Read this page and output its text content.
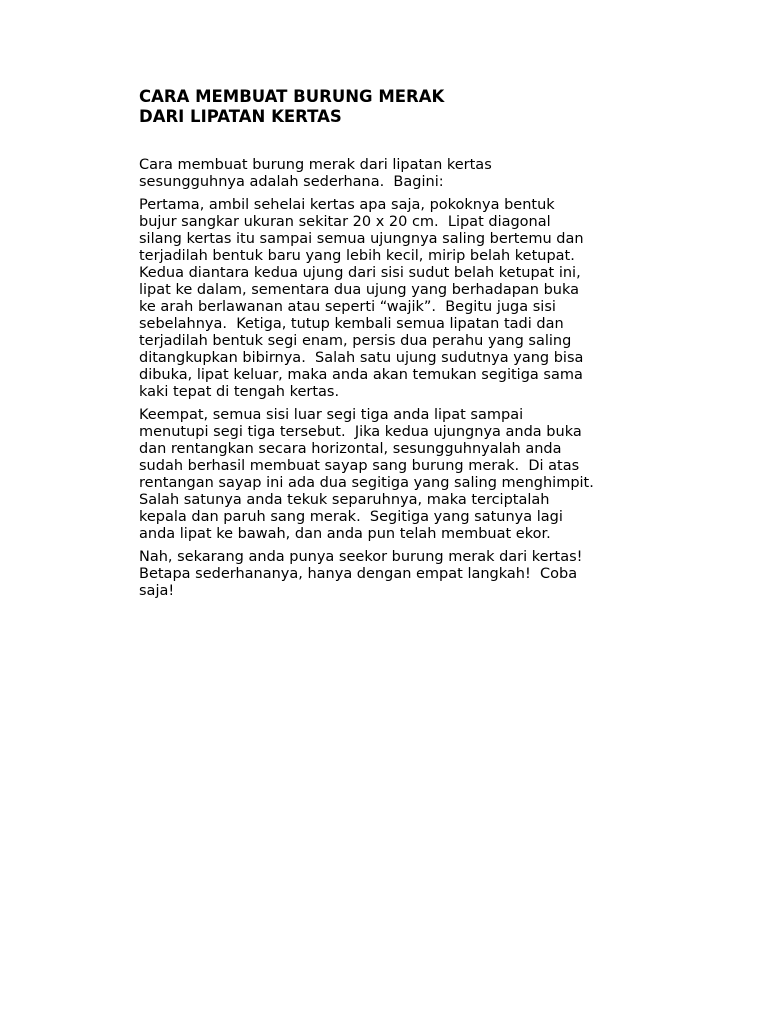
CARA MEMBUAT BURUNG MERAK
DARI LIPATAN KERTAS
Cara membuat burung merak dari lipatan kertas
sesungguhnya adalah sederhana.  Bagini:
Pertama, ambil sehelai kertas apa saja, pokoknya bentuk
bujur sangkar ukuran sekitar 20 x 20 cm.  Lipat diagonal
silang kertas itu sampai semua ujungnya saling bertemu dan
terjadilah bentuk baru yang lebih kecil, mirip belah ketupat.
Kedua diantara kedua ujung dari sisi sudut belah ketupat ini,
lipat ke dalam, sementara dua ujung yang berhadapan buka
ke arah berlawanan atau seperti “wajik”.  Begitu juga sisi
sebelahnya.  Ketiga, tutup kembali semua lipatan tadi dan
terjadilah bentuk segi enam, persis dua perahu yang saling
ditangkupkan bibirnya.  Salah satu ujung sudutnya yang bisa
dibuka, lipat keluar, maka anda akan temukan segitiga sama
kaki tepat di tengah kertas.
Keempat, semua sisi luar segi tiga anda lipat sampai
menutupi segi tiga tersebut.  Jika kedua ujungnya anda buka
dan rentangkan secara horizontal, sesungguhnyalah anda
sudah berhasil membuat sayap sang burung merak.  Di atas
rentangan sayap ini ada dua segitiga yang saling menghimpit.
Salah satunya anda tekuk separuhnya, maka terciptalah
kepala dan paruh sang merak.  Segitiga yang satunya lagi
anda lipat ke bawah, dan anda pun telah membuat ekor.
Nah, sekarang anda punya seekor burung merak dari kertas!
Betapa sederhananya, hanya dengan empat langkah!  Coba
saja!
